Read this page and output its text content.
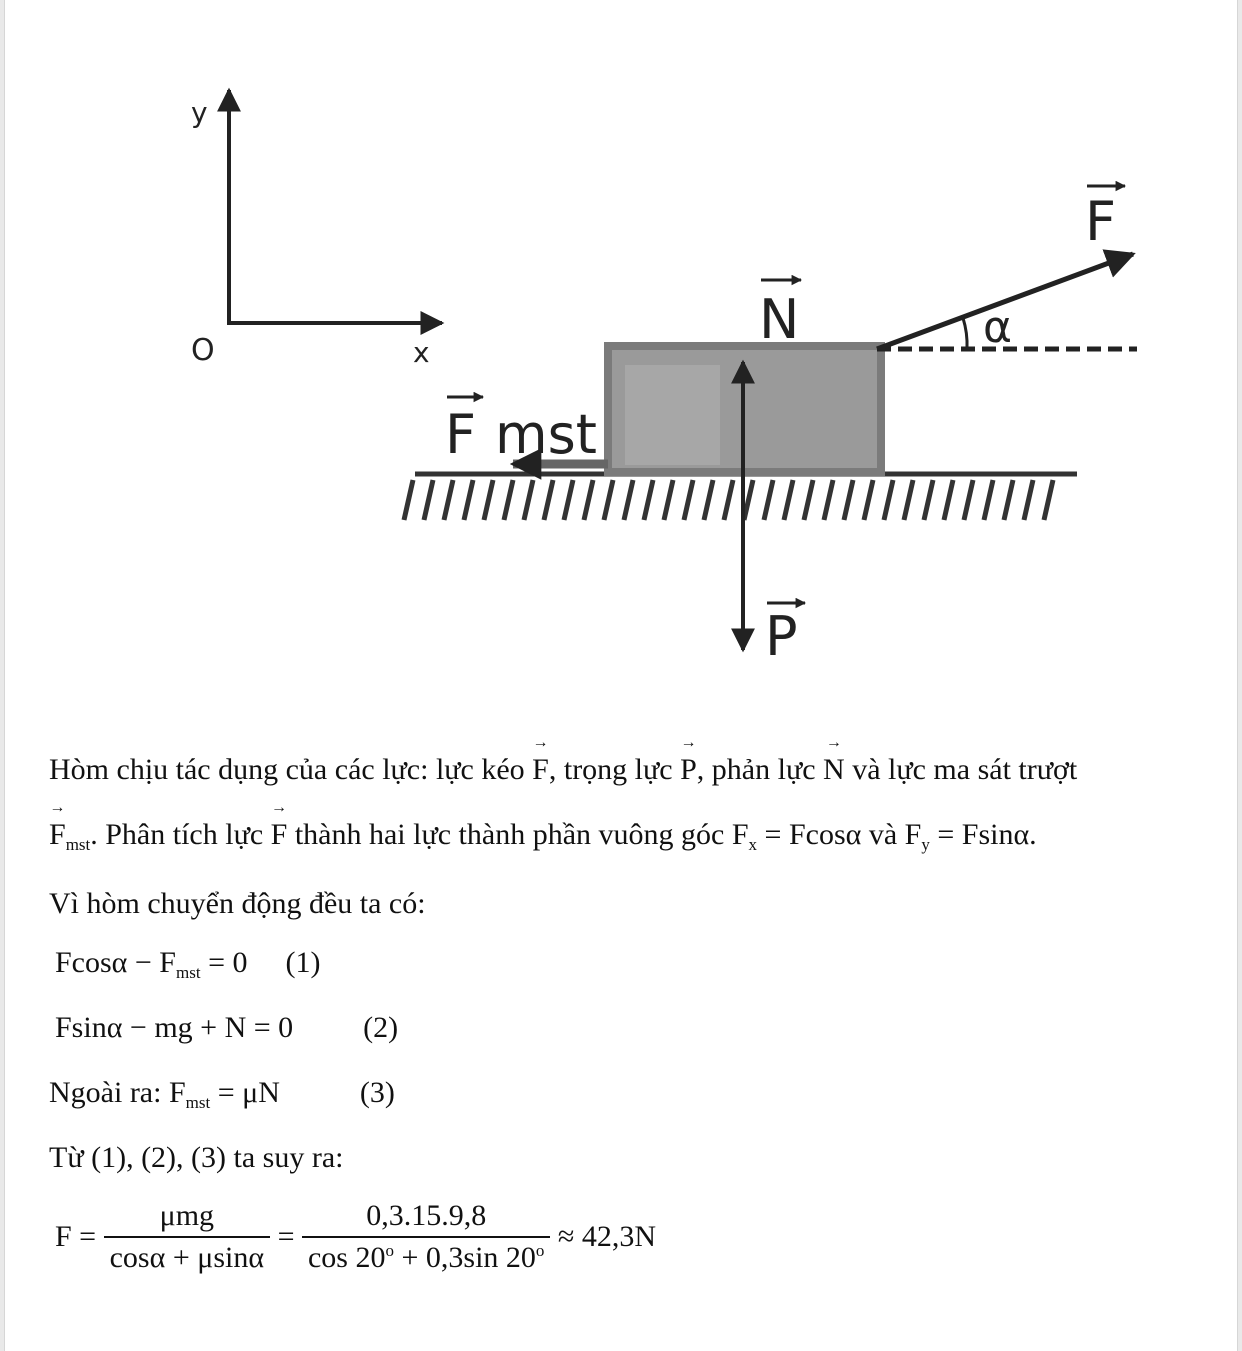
y
x
O
F
N
P
α
F mst
Hòm chịu tác dụng của các lực: lực kéo → F, trọng lực → P, phản lực → N và lực ma sát trượt
→ $F_{mst}$. Phân tích lực → F thành hai lực thành phần vuông góc $F_x = Fcos\alpha$ và $F_y = Fsin\alpha$.
Vì hòm chuyển động đều ta có:
$Fcos\alpha - F_{mst} = 0$ (1)
Fsinα − mg + N = 0 (2)
Ngoài ra: $F_{mst} = \mu N$	(3)
Từ (1), (2), (3) ta suy ra:
$F = \frac{\text{μmg}}{\cos\alpha + \mu\sin\alpha} = \frac{0,3.15.9,8}{\cos 20^o + 0,3\sin 20^o} \approx 42,3N$
